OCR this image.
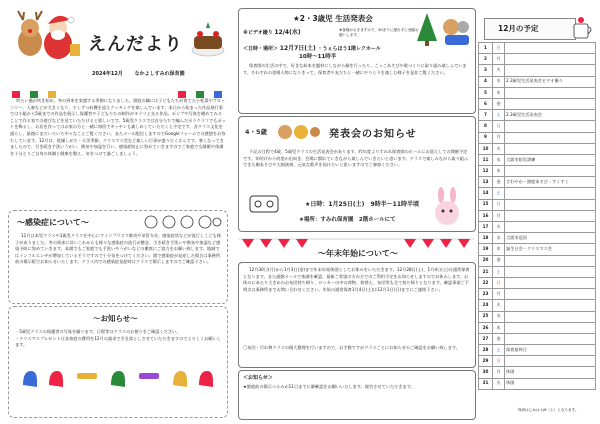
えんだより
2024年12月 なかよしすみれ保育園

吹たい風が吹き始め、冬の到来を実感する季節になりました。園庭の隅には子どもたちが育てた小松菜やブロッコリー、人参などが大きくなり、少しずつ収穫を迎えクッキングを楽しんでいます。本日から始まった作品展行事では小組から5歳までの作品を展示し保護者や子どもたちの制作がキラリと光る作品。ポンプや写真を眺めてみることで作る家での遊びなどを見ていただけると嬉しいです。5歳児クラスでは自分たちで編んだポラクラフでもポットを飾るし、お店を作ってはお家の方と一緒に毎回でキッチンも楽しめしていただくと予定です。各クラス文化を通らし、最後にまだいろいろ中々なことご覧ください。またメール配信しますのでGoogleフォームでの感想をお待ちしています。12月は、乾燥しがち・火災季節、クリスマス会など楽しい行事が盛りだくさんです。寒くなってきましたので、引き続き手洗いうがい、換気や加湿を行い、感染症防止に努めていきますのでご家庭でも睡眠や体調を十分とりご自身の体調と健康を整え、気をつけて過ごしましょう。

〜感染症について〜

11月は本児クラスや1歳児クラスを中心にマイコプラズマ肺炎や気管支炎、感染症状などが流行しこども様子がありました。冬の到来に伴いこれからも様々な感染症の流行が懸念、引き続き手洗いや換気や加湿など感染予防に努めていきます。本園でもご家庭でも手洗いやうがいなどの徹底にご協力をお願い致します。地域ではインフルエンザが増加しているそうですので十分気をつけてください。園で感染症が発症した場合は事務所前の掲示板でお知らせいたします。クラス内での感染症発症時はクラスで掲示しますのでご確認下さい。

〜お知らせ〜
・5歳児クラスの保護者の写真を撮ります。日程等はクラスのお便りをご確認ください。
・クリスマスプレゼントは各家庭の費用を12月の請求で引き落としさせていただきますのでよろしくお願いします。
★2・3歳児 生活発表会
※ビデオ撮り 12/4(水)	★客様がおきますので、30までに遅れずに登園お願いします。
＜日時・場所＞ 12月7日(土) ・うぇらほう1階レクホール
10時〜11時半

保育園の生活の中で、好きな絵本を題材にしながら劇を行ったり、ごっこあそびや歌づくりに取り組み楽しんでいます。それぞれの登場人物になりきって、保育者や友だちと一緒にやりとりを楽しむ様子を是非ご覧ください。

4・5歳	発表会のお知らせ

下記の日程で4歳、5歳児クラスの生活発表会があります。昨年度よりすみれ保育園のホールにお迎えしての開催予定です。年明けから何度か出向き、会場に慣れていきながら楽しんでいきたいと思います。クラスで楽しみながら取り組んできた劇あそびや大箱演奏、元気な歌声を届けたいと思いますのでご参加ください。

★日時：1月25日(土) 9時半〜11時半頃
★場所：すみれ保育園　2階ホールにて
〜年末年始について〜

12月30日(月)から1月3日(金)まで年末年始休園としてお休みをいただきます。12月28日(土)、1月4日(土)は通常保育となります。また通勤メールで体調を確認、最新ご希望の方の方でのご利用予定をお知らせしますのでお休みします。お休みにあたり大きめのお布団持ち帰り、ロッカーの中の荷物、着替え、布団等も全て持ち帰りとなります。確認事項ご不明点は事務所までお問い合わせください。年始の通常保育1月4日(土)は12月1日(日)までにご連絡下さい。

〇布団・汚れ物クラスの個人整理を行いますので、お手数ですがクラスごとにお知らせのご確認をお願い致します。
＜お知らせ＞
★園庭前の掲示つるみが11日までに御確認をお願いいたします。報告させていただきます。
12月の予定
1	日	
2	月	
3	火	
4	水	2.3歳児生活発表会ビデオ撮り
5	木	
6	金	
7	土	2.3歳児生活発表会
8	日	
9	月	
10	火	
11	水	大阪市防災訓練
12	木	
13	金	さわやか・園庭あそび・すくすく
14	土	
15	日	
16	月	
17	火	
18	水	大阪市巡回
19	木	誕生日会・クリスマス会
20	金	
21	土	
22	日	
23	月	
24	火	
25	水	
26	木	
27	金	
28	土	保育最終日
29	日	
30	月	休園
31	火	休園
保育はじめは 1/6（土）となります。
